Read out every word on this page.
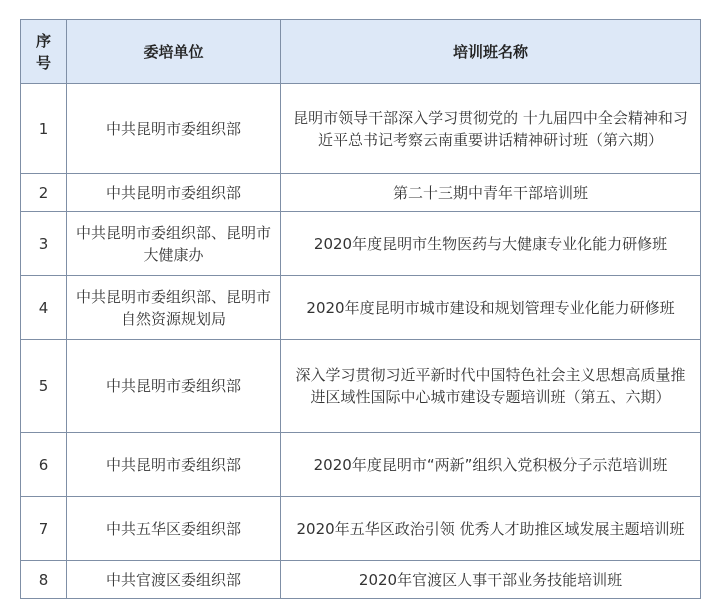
序号	委培单位	培训班名称
1	中共昆明市委组织部	昆明市领导干部深入学习贯彻党的 十九届四中全会精神和习近平总书记考察云南重要讲话精神研讨班（第六期）
2	中共昆明市委组织部	第二十三期中青年干部培训班
3	中共昆明市委组织部、昆明市大健康办	2020年度昆明市生物医药与大健康专业化能力研修班
4	中共昆明市委组织部、昆明市自然资源规划局	2020年度昆明市城市建设和规划管理专业化能力研修班
5	中共昆明市委组织部	深入学习贯彻习近平新时代中国特色社会主义思想高质量推进区域性国际中心城市建设专题培训班（第五、六期）
6	中共昆明市委组织部	2020年度昆明市“两新”组织入党积极分子示范培训班
7	中共五华区委组织部	2020年五华区政治引领 优秀人才助推区域发展主题培训班
8	中共官渡区委组织部	2020年官渡区人事干部业务技能培训班
